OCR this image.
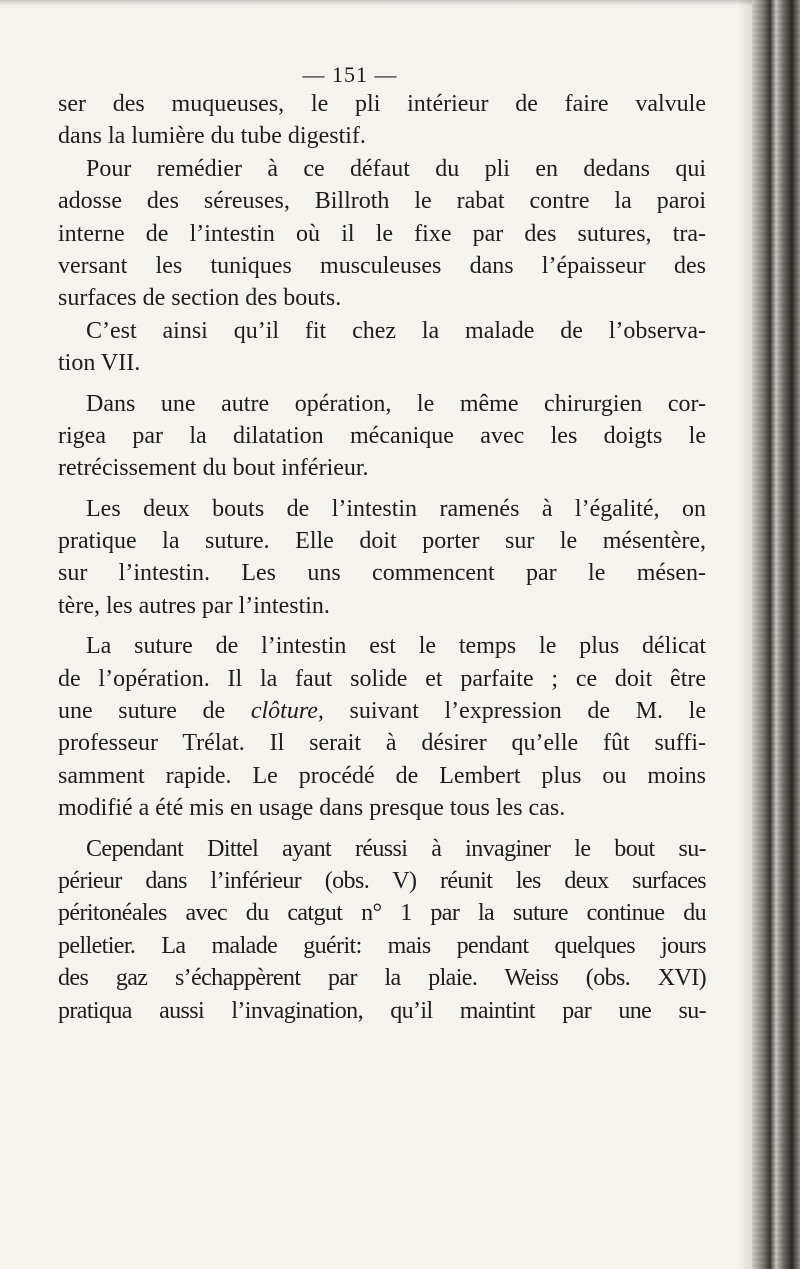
— 151 —
ser des muqueuses, le pli intérieur de faire valvule
dans la lumière du tube digestif.
Pour remédier à ce défaut du pli en dedans qui
adosse des séreuses, Billroth le rabat contre la paroi
interne de l’intestin où il le fixe par des sutures, tra-
versant les tuniques musculeuses dans l’épaisseur des
surfaces de section des bouts.
C’est ainsi qu’il fit chez la malade de l’observa-
tion VII.
Dans une autre opération, le même chirurgien cor-
rigea par la dilatation mécanique avec les doigts le
retrécissement du bout inférieur.
Les deux bouts de l’intestin ramenés à l’égalité, on
pratique la suture. Elle doit porter sur le mésentère,
sur l’intestin. Les uns commencent par le mésen-
tère, les autres par l’intestin.
La suture de l’intestin est le temps le plus délicat
de l’opération. Il la faut solide et parfaite ; ce doit être
une suture de clôture, suivant l’expression de M. le
professeur Trélat. Il serait à désirer qu’elle fût suffi-
samment rapide. Le procédé de Lembert plus ou moins
modifié a été mis en usage dans presque tous les cas.
Cependant Dittel ayant réussi à invaginer le bout su-
périeur dans l’inférieur (obs. V) réunit les deux surfaces
péritonéales avec du catgut n° 1 par la suture continue du
pelletier. La malade guérit: mais pendant quelques jours
des gaz s’échappèrent par la plaie. Weiss (obs. XVI)
pratiqua aussi l’invagination, qu’il maintint par une su-
